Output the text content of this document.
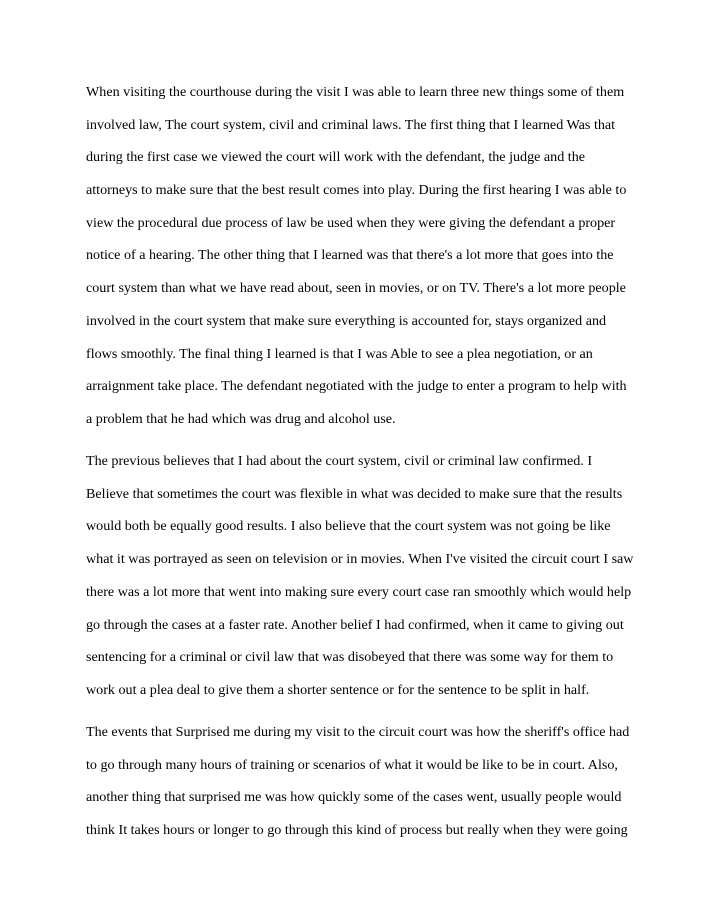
When visiting the courthouse during the visit I was able to learn three new things some of them
involved law, The court system, civil and criminal laws. The first thing that I learned Was that
during the first case we viewed the court will work with the defendant, the judge and the
attorneys to make sure that the best result comes into play. During the first hearing I was able to
view the procedural due process of law be used when they were giving the defendant a proper
notice of a hearing. The other thing that I learned was that there's a lot more that goes into the
court system than what we have read about, seen in movies, or on TV. There's a lot more people
involved in the court system that make sure everything is accounted for, stays organized and
flows smoothly. The final thing I learned is that I was Able to see a plea negotiation, or an
arraignment take place. The defendant negotiated with the judge to enter a program to help with
a problem that he had which was drug and alcohol use.

The previous believes that I had about the court system, civil or criminal law confirmed. I
Believe that sometimes the court was flexible in what was decided to make sure that the results
would both be equally good results. I also believe that the court system was not going be like
what it was portrayed as seen on television or in movies. When I've visited the circuit court I saw
there was a lot more that went into making sure every court case ran smoothly which would help
go through the cases at a faster rate. Another belief I had confirmed, when it came to giving out
sentencing for a criminal or civil law that was disobeyed that there was some way for them to
work out a plea deal to give them a shorter sentence or for the sentence to be split in half.

The events that Surprised me during my visit to the circuit court was how the sheriff's office had
to go through many hours of training or scenarios of what it would be like to be in court. Also,
another thing that surprised me was how quickly some of the cases went, usually people would
think It takes hours or longer to go through this kind of process but really when they were going
